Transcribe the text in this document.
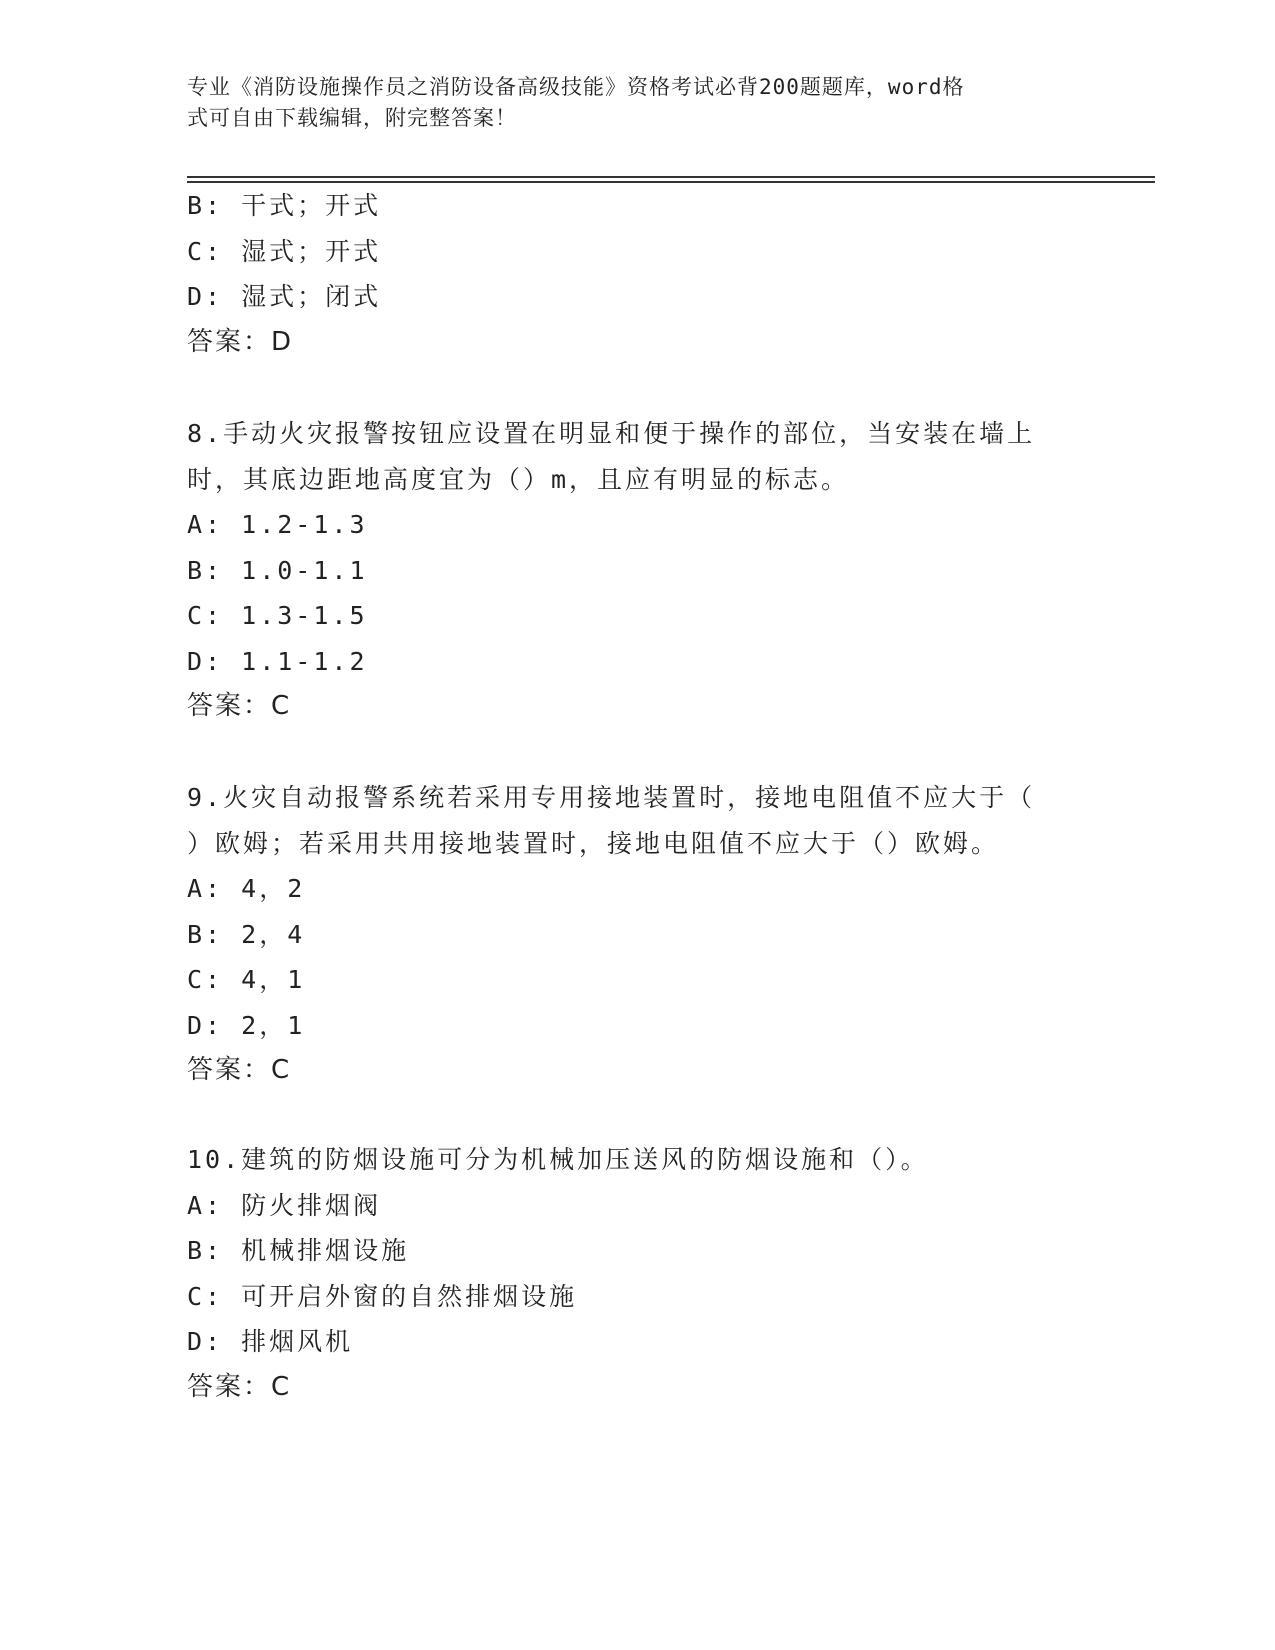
专业《消防设施操作员之消防设备高级技能》资格考试必背200题题库，word格
式可自由下载编辑，附完整答案！
B: 干式；开式
C: 湿式；开式
D: 湿式；闭式
答案：D
8.手动火灾报警按钮应设置在明显和便于操作的部位，当安装在墙上
时，其底边距地高度宜为（）m，且应有明显的标志。
A: 1.2-1.3
B: 1.0-1.1
C: 1.3-1.5
D: 1.1-1.2
答案：C
9.火灾自动报警系统若采用专用接地装置时，接地电阻值不应大于（
）欧姆；若采用共用接地装置时，接地电阻值不应大于（）欧姆。
A: 4，2
B: 2，4
C: 4，1
D: 2，1
答案：C
10.建筑的防烟设施可分为机械加压送风的防烟设施和（）。
A: 防火排烟阀
B: 机械排烟设施
C: 可开启外窗的自然排烟设施
D: 排烟风机
答案：C
